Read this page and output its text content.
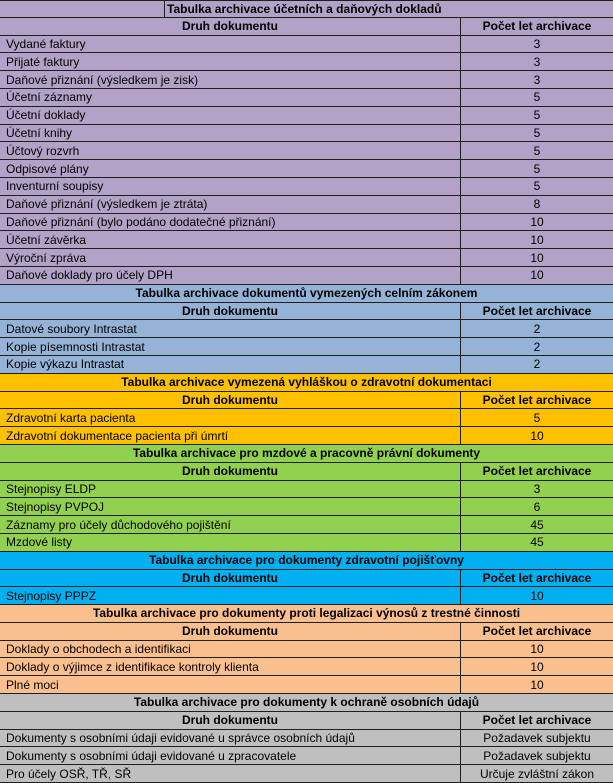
Tabulka archivace účetních a daňových dokladů
Druh dokumentu	Počet let archivace
Vydané faktury	3
Přijaté faktury	3
Daňové přiznání (výsledkem je zisk)	3
Účetní záznamy	5
Účetní doklady	5
Účetní knihy	5
Účtový rozvrh	5
Odpisové plány	5
Inventurní soupisy	5
Daňové přiznání (výsledkem je ztráta)	8
Daňové přiznání (bylo podáno dodatečné přiznání)	10
Účetní závěrka	10
Výroční zpráva	10
Daňové doklady pro účely DPH	10
Tabulka archivace dokumentů vymezených celním zákonem
Druh dokumentu	Počet let archivace
Datové soubory Intrastat	2
Kopie písemnosti Intrastat	2
Kopie výkazu Intrastat	2
Tabulka archivace vymezená vyhláškou o zdravotní dokumentaci
Druh dokumentu	Počet let archivace
Zdravotní karta pacienta	5
Zdravotní dokumentace pacienta při úmrtí	10
Tabulka archivace pro mzdové a pracovně právní dokumenty
Druh dokumentu	Počet let archivace
Stejnopisy ELDP	3
Stejnopisy PVPOJ	6
Záznamy pro účely důchodového pojištění	45
Mzdové listy	45
Tabulka archivace pro dokumenty zdravotní pojišťovny
Druh dokumentu	Počet let archivace
Stejnopisy PPPZ	10
Tabulka archivace pro dokumenty proti legalizaci výnosů z trestné činnosti
Druh dokumentu	Počet let archivace
Doklady o obchodech a identifikaci	10
Doklady o výjimce z identifikace kontroly klienta	10
Plné moci	10
Tabulka archivace pro dokumenty k ochraně osobních údajů
Druh dokumentu	Počet let archivace
Dokumenty s osobními údaji evidované u správce osobních údajů	Požadavek subjektu
Dokumenty s osobními údaji evidované u zpracovatele	Požadavek subjektu
Pro účely OSŘ, TŘ, SŘ	Určuje zvláštní zákon
